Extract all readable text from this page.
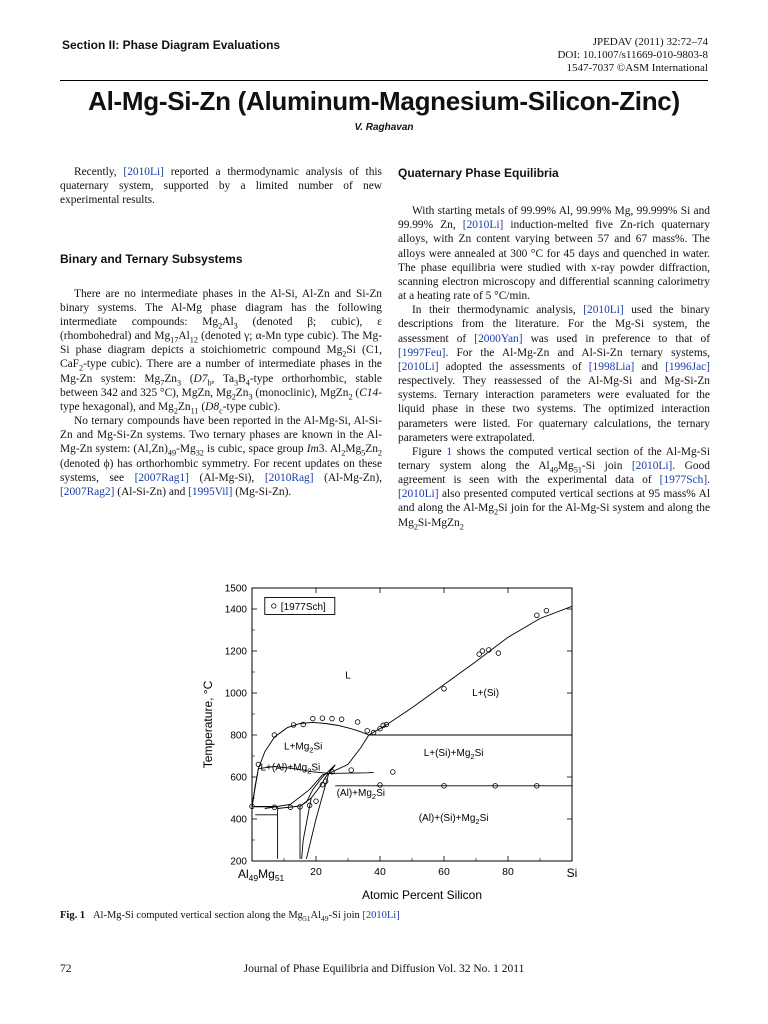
Section II: Phase Diagram Evaluations	JPEDAV (2011) 32:72–74
DOI: 10.1007/s11669-010-9803-8
1547-7037 ©ASM International
Al-Mg-Si-Zn (Aluminum-Magnesium-Silicon-Zinc)
V. Raghavan

Recently, [2010Li] reported a thermodynamic analysis of this quaternary system, supported by a limited number of new experimental results.

Binary and Ternary Subsystems

There are no intermediate phases in the Al-Si, Al-Zn and Si-Zn binary systems. The Al-Mg phase diagram has the following intermediate compounds: $Mg_2Al_3$ (denoted β; cubic), ε (rhombohedral) and $Mg_{17}Al_{12}$ (denoted γ; α-Mn type cubic). The Mg-Si phase diagram depicts a stoichiometric compound $Mg_2Si$ (C1, CaF$_2$-type cubic). There are a number of intermediate phases in the Mg-Zn system: $Mg_7Zn_3$ ($D7_b$, $Ta_3B_4$-type orthorhombic, stable between 342 and 325 °C), MgZn, $Mg_2Zn_3$ (monoclinic), MgZn$_2$ (C14-type hexagonal), and $Mg_2Zn_{11}$ ($D8_c$-type cubic).

No ternary compounds have been reported in the Al-Mg-Si, Al-Si-Zn and Mg-Si-Zn systems. Two ternary phases are known in the Al-Mg-Zn system: $(Al,Zn)_{49}-Mg_{32}$ is cubic, space group Im3. $Al_2Mg_5Zn_2$ (denoted ϕ) has orthorhombic symmetry. For recent updates on these systems, see [2007Rag1] (Al-Mg-Si), [2010Rag] (Al-Mg-Zn), [2007Rag2] (Al-Si-Zn) and [1995Vil] (Mg-Si-Zn).

Quaternary Phase Equilibria

With starting metals of 99.99% Al, 99.99% Mg, 99.999% Si and 99.99% Zn, [2010Li] induction-melted five Zn-rich quaternary alloys, with Zn content varying between 57 and 67 mass%. The alloys were annealed at 300 °C for 45 days and quenched in water. The phase equilibria were studied with x-ray powder diffraction, scanning electron microscopy and differential scanning calorimetry at a heating rate of 5 °C/min.

In their thermodynamic analysis, [2010Li] used the binary descriptions from the literature. For the Mg-Si system, the assessment of [2000Yan] was used in preference to that of [1997Feu]. For the Al-Mg-Zn and Al-Si-Zn ternary systems, [2010Li] adopted the assessments of [1998Lia] and [1996Jac] respectively. They reassessed of the Al-Mg-Si and Mg-Si-Zn systems. Ternary interaction parameters were evaluated for the liquid phase in these two systems. The optimized interaction parameters were listed. For quaternary calculations, the ternary parameters were extrapolated.

Figure 1 shows the computed vertical section of the Al-Mg-Si ternary system along the $Al_{49}Mg_{51}-Si$ join [2010Li]. Good agreement is seen with the experimental data of [1977Sch]. [2010Li] also presented computed vertical sections at 95 mass% Al and along the $Al-Mg_2Si$ join for the Al-Mg-Si system and along the $Mg_2Si-MgZn_2$

200
400
600
800
1000
1200
1400
1500
20	40	60	80
$Al_{49}Mg_{51}$	Si
Atomic Percent Silicon
Temperature, °C
[1977Sch]
L
L+(Si)
$L+Mg_2Si$
$L+(Si)+Mg_2Si$
$L+(Al)+Mg_2Si$
$(Al)+Mg_2Si$
$(Al)+(Si)+Mg_2Si$
Fig. 1 Al-Mg-Si computed vertical section along the $Mg_{51}Al_{49}-Si$ join [2010Li]
72	Journal of Phase Equilibria and Diffusion Vol. 32 No. 1 2011
